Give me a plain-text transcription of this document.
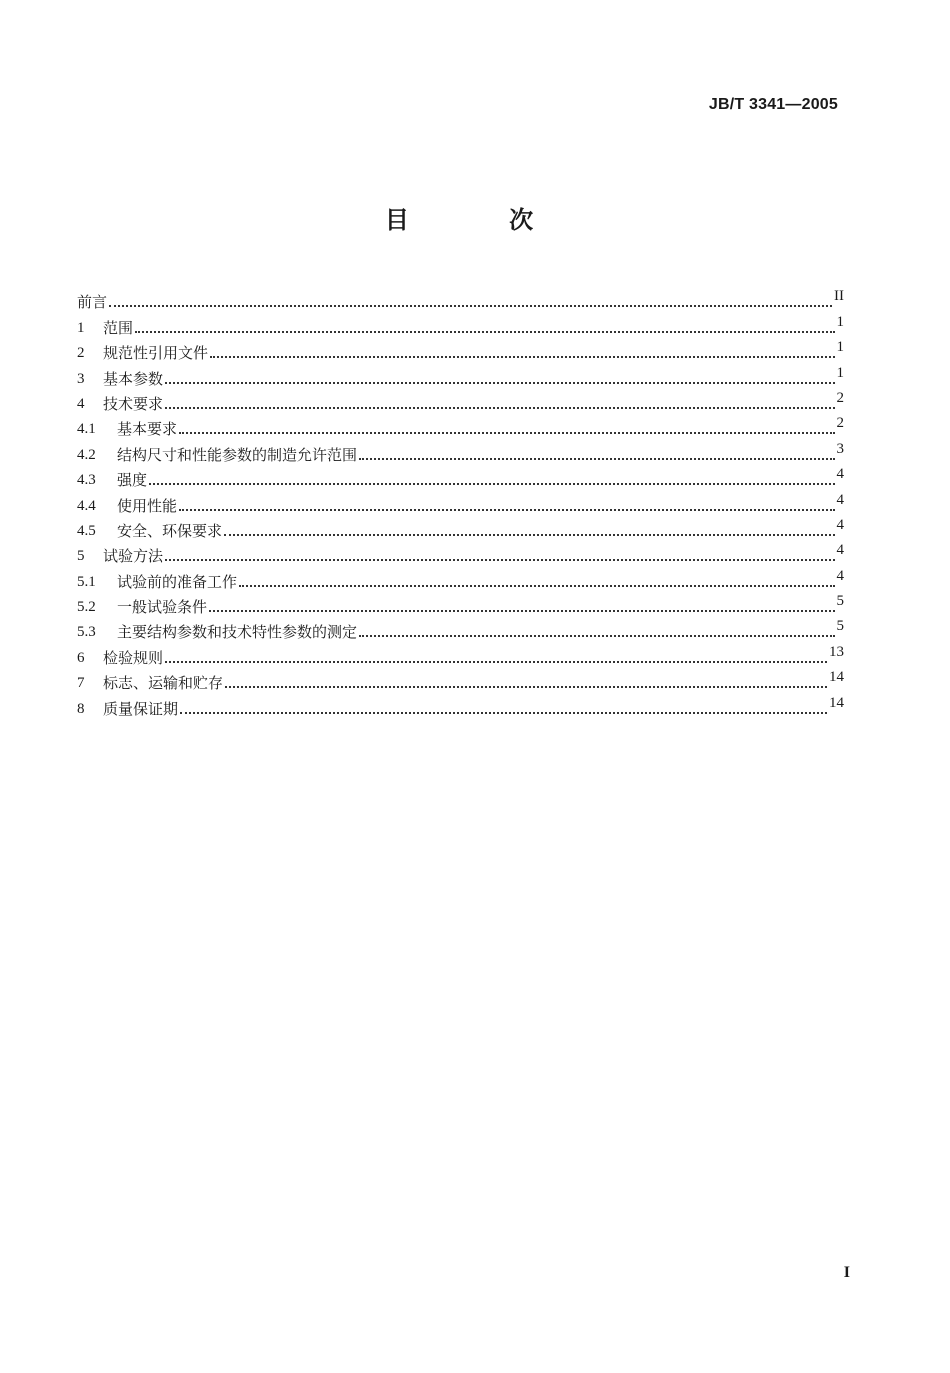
JB/T 3341—2005
目 次
前言	II
1	范围	1
2	规范性引用文件	1
3	基本参数	1
4	技术要求	2
4.1	基本要求	2
4.2	结构尺寸和性能参数的制造允许范围	3
4.3	强度	4
4.4	使用性能	4
4.5	安全、环保要求	4
5	试验方法	4
5.1	试验前的准备工作	4
5.2	一般试验条件	5
5.3	主要结构参数和技术特性参数的测定	5
6	检验规则	13
7	标志、运输和贮存	14
8	质量保证期	14
I
